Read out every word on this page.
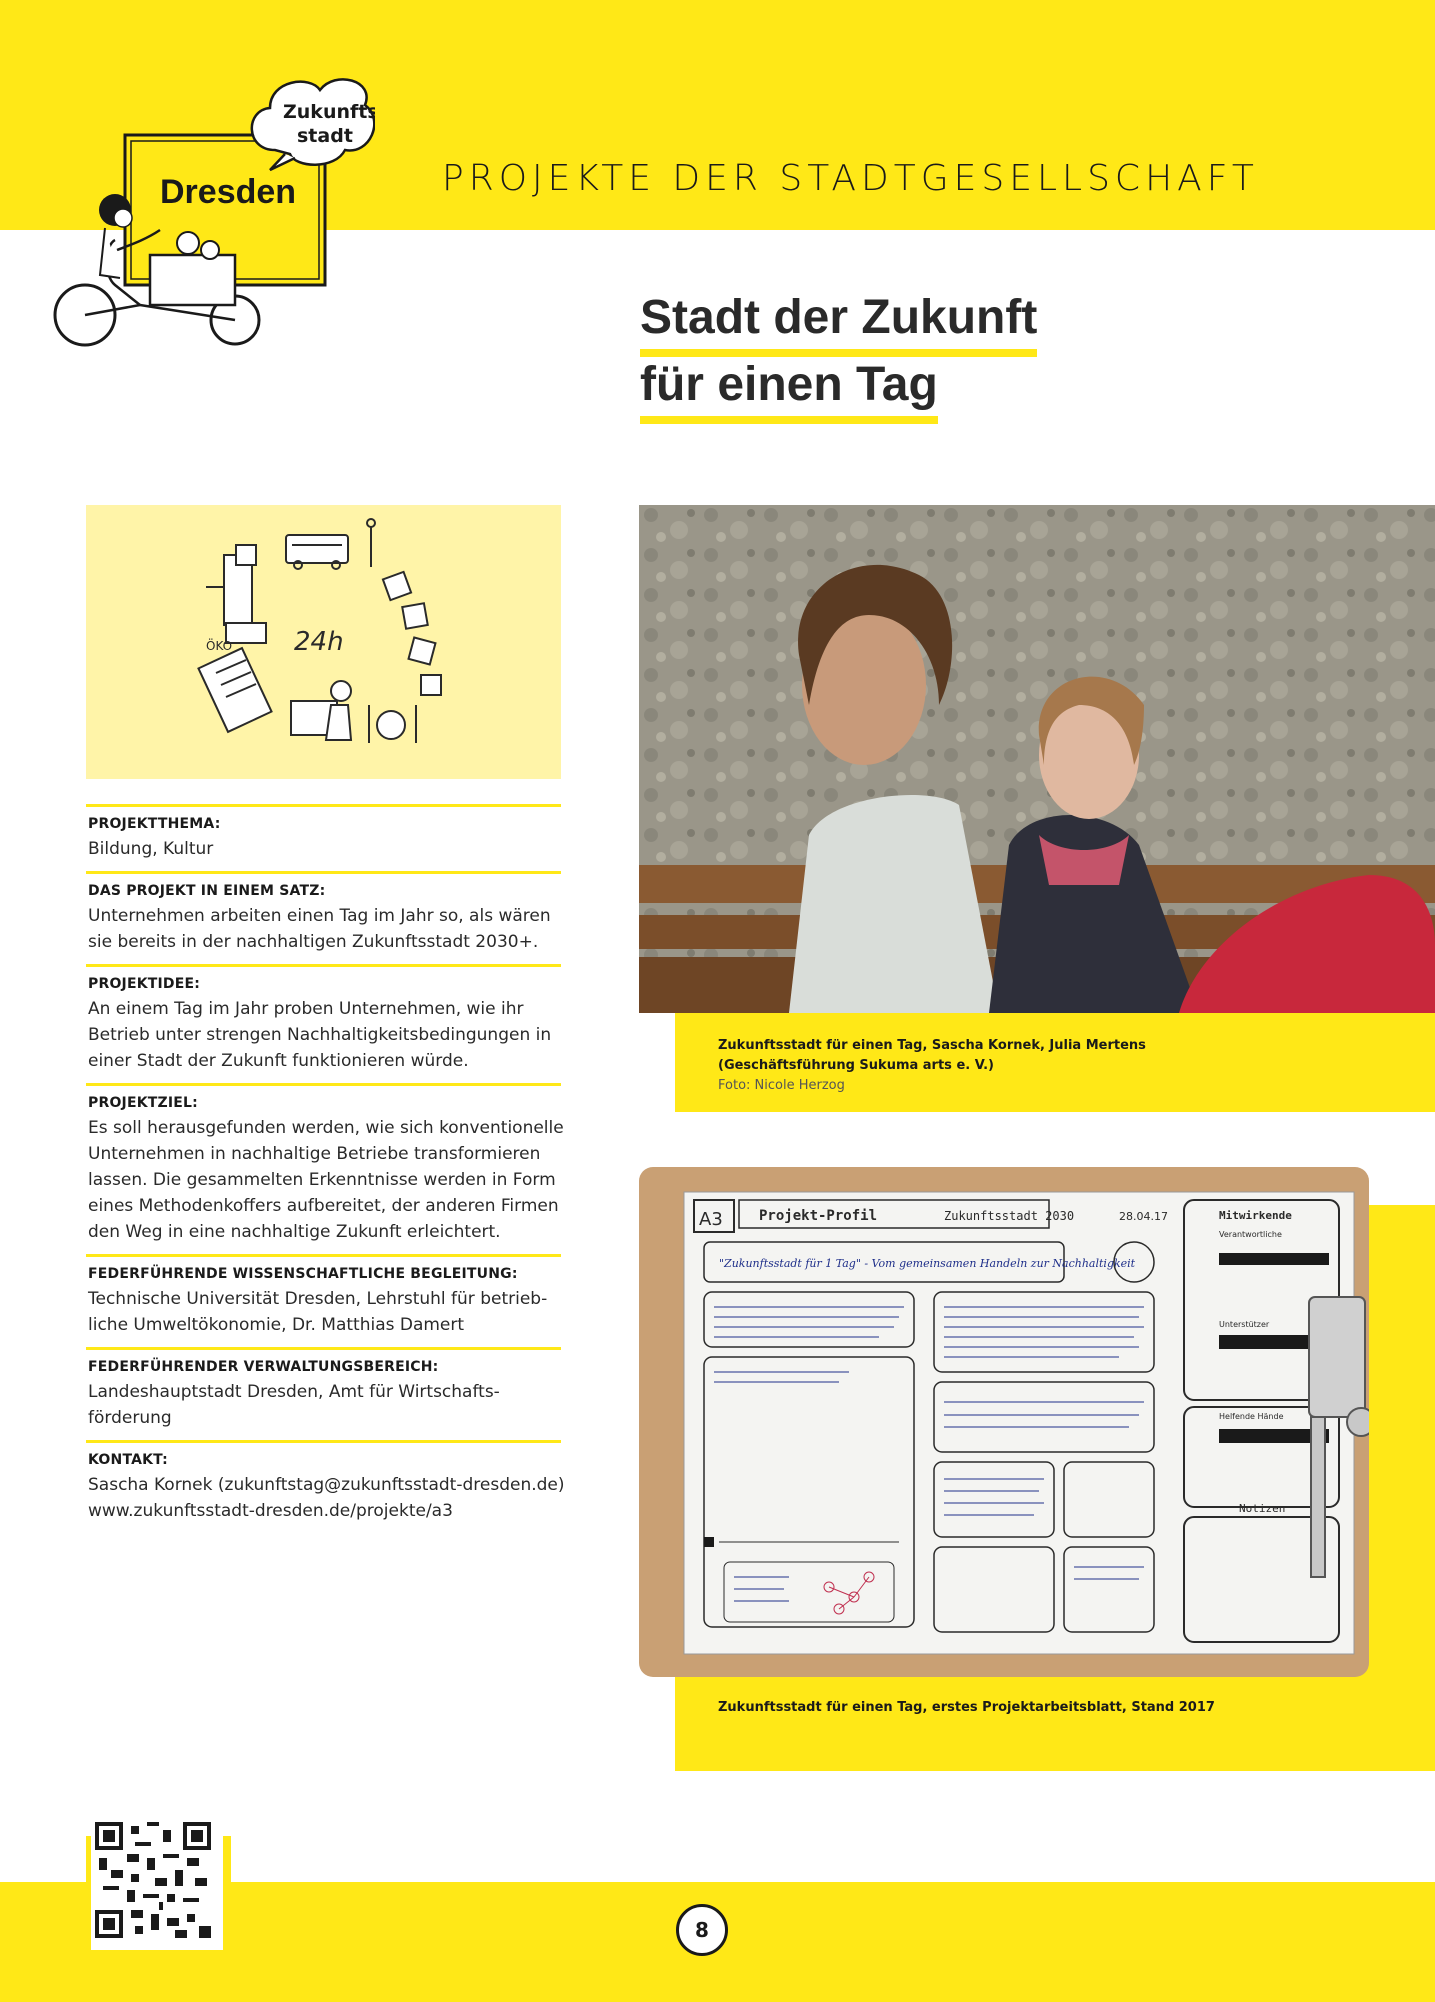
PROJEKTE DER STADTGESELLSCHAFT
Dresden
Zukunfts
stadt
Stadt der Zukunft
für einen Tag
24h
ÖKO
PROJEKTTHEMA:
Bildung, Kultur
DAS PROJEKT IN EINEM SATZ:
Unternehmen arbeiten einen Tag im Jahr so, als wären
sie bereits in der nachhaltigen Zukunftsstadt 2030+.
PROJEKTIDEE:
An einem Tag im Jahr proben Unternehmen, wie ihr
Betrieb unter strengen Nachhaltigkeitsbedingungen in
einer Stadt der Zukunft funktionieren würde.
PROJEKTZIEL:
Es soll herausgefunden werden, wie sich konventionelle
Unternehmen in nachhaltige Betriebe transformieren
lassen. Die gesammelten Erkenntnisse werden in Form
eines Methodenkoffers aufbereitet, der anderen Firmen
den Weg in eine nachhaltige Zukunft erleichtert.
FEDERFÜHRENDE WISSENSCHAFTLICHE BEGLEITUNG:
Technische Universität Dresden, Lehrstuhl für betrieb-
liche Umweltökonomie, Dr. Matthias Damert
FEDERFÜHRENDER VERWALTUNGSBEREICH:
Landeshauptstadt Dresden, Amt für Wirtschafts-
förderung
KONTAKT:
Sascha Kornek (zukunftstag@zukunftsstadt-dresden.de)
www.zukunftsstadt-dresden.de/projekte/a3
Zukunftsstadt für einen Tag, Sascha Kornek, Julia Mertens
(Geschäftsführung Sukuma arts e. V.)
Foto: Nicole Herzog
A3	Projekt-Profil	Zukunftsstadt 2030	28.04.17
"Zukunftsstadt für 1 Tag" - Vom gemeinsamen Handeln zur Nachhaltigkeit
Mitwirkende
Verantwortliche
Unterstützer
Helfende Hände
Notizen
Zukunftsstadt für einen Tag, erstes Projektarbeitsblatt, Stand 2017
8
